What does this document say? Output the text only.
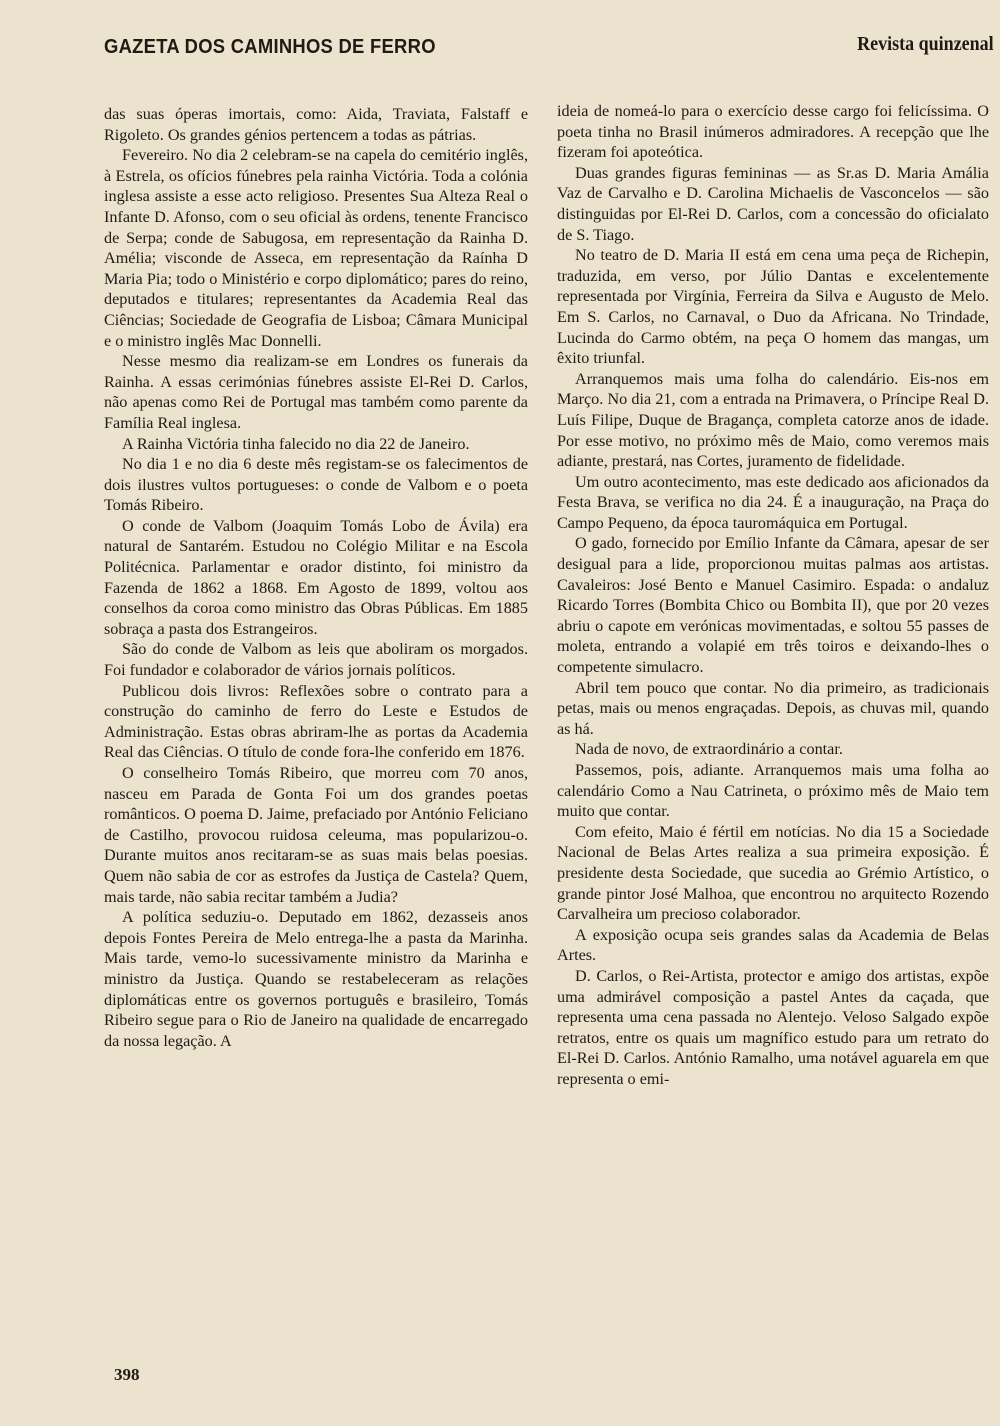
GAZETA DOS CAMINHOS DE FERRO	Revista quinzenal

das suas óperas imortais, como: Aida, Traviata, Falstaff e Rigoleto. Os grandes génios pertencem a todas as pátrias.

Fevereiro. No dia 2 celebram-se na capela do cemitério inglês, à Estrela, os ofícios fúnebres pela rainha Victória. Toda a colónia inglesa assiste a esse acto religioso. Presentes Sua Alteza Real o Infante D. Afonso, com o seu oficial às ordens, tenente Francisco de Serpa; conde de Sabugosa, em representação da Rainha D. Amélia; visconde de Asseca, em representação da Raínha D Maria Pia; todo o Ministério e corpo diplomático; pares do reino, deputados e titulares; representantes da Academia Real das Ciências; Sociedade de Geografia de Lisboa; Câmara Municipal e o ministro inglês Mac Donnelli.

Nesse mesmo dia realizam-se em Londres os funerais da Rainha. A essas cerimónias fúnebres assiste El-Rei D. Carlos, não apenas como Rei de Portugal mas também como parente da Família Real inglesa.

A Rainha Victória tinha falecido no dia 22 de Janeiro.

No dia 1 e no dia 6 deste mês registam-se os falecimentos de dois ilustres vultos portugueses: o conde de Valbom e o poeta Tomás Ribeiro.

O conde de Valbom (Joaquim Tomás Lobo de Ávila) era natural de Santarém. Estudou no Colégio Militar e na Escola Politécnica. Parlamentar e orador distinto, foi ministro da Fazenda de 1862 a 1868. Em Agosto de 1899, voltou aos conselhos da coroa como ministro das Obras Públicas. Em 1885 sobraça a pasta dos Estrangeiros.

São do conde de Valbom as leis que aboliram os morgados. Foi fundador e colaborador de vários jornais políticos.

Publicou dois livros: Reflexões sobre o contrato para a construção do caminho de ferro do Leste e Estudos de Administração. Estas obras abriram-lhe as portas da Academia Real das Ciências. O título de conde fora-lhe conferido em 1876.

O conselheiro Tomás Ribeiro, que morreu com 70 anos, nasceu em Parada de Gonta Foi um dos grandes poetas românticos. O poema D. Jaime, prefaciado por António Feliciano de Castilho, provocou ruidosa celeuma, mas popularizou-o. Durante muitos anos recitaram-se as suas mais belas poesias. Quem não sabia de cor as estrofes da Justiça de Castela? Quem, mais tarde, não sabia recitar também a Judia?

A política seduziu-o. Deputado em 1862, dezasseis anos depois Fontes Pereira de Melo entrega-lhe a pasta da Marinha. Mais tarde, vemo-lo sucessivamente ministro da Marinha e ministro da Justiça. Quando se restabeleceram as relações diplomáticas entre os governos português e brasileiro, Tomás Ribeiro segue para o Rio de Janeiro na qualidade de encarregado da nossa legação. A

ideia de nomeá-lo para o exercício desse cargo foi felicíssima. O poeta tinha no Brasil inúmeros admiradores. A recepção que lhe fizeram foi apoteótica.

Duas grandes figuras femininas — as Sr.as D. Maria Amália Vaz de Carvalho e D. Carolina Michaelis de Vasconcelos — são distinguidas por El-Rei D. Carlos, com a concessão do oficialato de S. Tiago.

No teatro de D. Maria II está em cena uma peça de Richepin, traduzida, em verso, por Júlio Dantas e excelentemente representada por Virgínia, Ferreira da Silva e Augusto de Melo. Em S. Carlos, no Carnaval, o Duo da Africana. No Trindade, Lucinda do Carmo obtém, na peça O homem das mangas, um êxito triunfal.

Arranquemos mais uma folha do calendário. Eis-nos em Março. No dia 21, com a entrada na Primavera, o Príncipe Real D. Luís Filipe, Duque de Bragança, completa catorze anos de idade. Por esse motivo, no próximo mês de Maio, como veremos mais adiante, prestará, nas Cortes, juramento de fidelidade.

Um outro acontecimento, mas este dedicado aos aficionados da Festa Brava, se verifica no dia 24. É a inauguração, na Praça do Campo Pequeno, da época tauromáquica em Portugal.

O gado, fornecido por Emílio Infante da Câmara, apesar de ser desigual para a lide, proporcionou muitas palmas aos artistas. Cavaleiros: José Bento e Manuel Casimiro. Espada: o andaluz Ricardo Torres (Bombita Chico ou Bombita II), que por 20 vezes abriu o capote em verónicas movimentadas, e soltou 55 passes de moleta, entrando a volapié em três toiros e deixando-lhes o competente simulacro.

Abril tem pouco que contar. No dia primeiro, as tradicionais petas, mais ou menos engraçadas. Depois, as chuvas mil, quando as há.

Nada de novo, de extraordinário a contar.

Passemos, pois, adiante. Arranquemos mais uma folha ao calendário Como a Nau Catrineta, o próximo mês de Maio tem muito que contar.

Com efeito, Maio é fértil em notícias. No dia 15 a Sociedade Nacional de Belas Artes realiza a sua primeira exposição. É presidente desta Sociedade, que sucedia ao Grémio Artístico, o grande pintor José Malhoa, que encontrou no arquitecto Rozendo Carvalheira um precioso colaborador.

A exposição ocupa seis grandes salas da Academia de Belas Artes.

D. Carlos, o Rei-Artista, protector e amigo dos artistas, expõe uma admirável composição a pastel Antes da caçada, que representa uma cena passada no Alentejo. Veloso Salgado expõe retratos, entre os quais um magnífico estudo para um retrato do El-Rei D. Carlos. António Ramalho, uma notável aguarela em que representa o emi-

398
